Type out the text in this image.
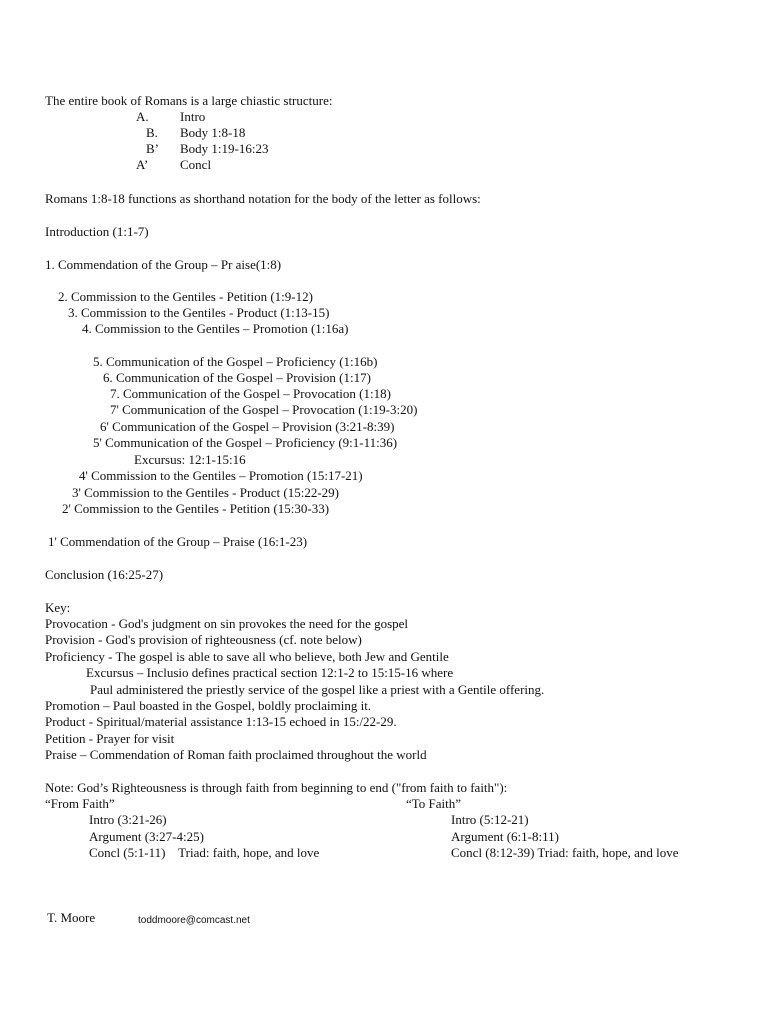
The entire book of Romans is a large chiastic structure:
A. Intro
B. Body 1:8-18
B’ Body 1:19-16:23
A’ Concl
Romans 1:8-18 functions as shorthand notation for the body of the letter as follows:
Introduction (1:1-7)
1. Commendation of the Group – Pr aise(1:8)
2. Commission to the Gentiles - Petition (1:9-12)
3. Commission to the Gentiles - Product (1:13-15)
4. Commission to the Gentiles – Promotion (1:16a)
5. Communication of the Gospel – Proficiency (1:16b)
6. Communication of the Gospel – Provision (1:17)
7. Communication of the Gospel – Provocation (1:18)
7' Communication of the Gospel – Provocation (1:19-3:20)
6' Communication of the Gospel – Provision (3:21-8:39)
5' Communication of the Gospel – Proficiency (9:1-11:36)
Excursus: 12:1-15:16
4' Commission to the Gentiles – Promotion (15:17-21)
3' Commission to the Gentiles - Product (15:22-29)
2' Commission to the Gentiles - Petition (15:30-33)
1' Commendation of the Group – Praise (16:1-23)
Conclusion (16:25-27)
Key:
Provocation - God's judgment on sin provokes the need for the gospel
Provision - God's provision of righteousness (cf. note below)
Proficiency - The gospel is able to save all who believe, both Jew and Gentile
Excursus – Inclusio defines practical section 12:1-2 to 15:15-16 where
Paul administered the priestly service of the gospel like a priest with a Gentile offering.
Promotion – Paul boasted in the Gospel, boldly proclaiming it.
Product - Spiritual/material assistance 1:13-15 echoed in 15:/22-29.
Petition - Prayer for visit
Praise – Commendation of Roman faith proclaimed throughout the world
Note: God’s Righteousness is through faith from beginning to end ("from faith to faith"):
“From Faith”
Intro (3:21-26)
Argument (3:27-4:25)
Concl (5:1-11)    Triad: faith, hope, and love
“To Faith”
Intro (5:12-21)
Argument (6:1-8:11)
Concl (8:12-39) Triad: faith, hope, and love
T. Moore	toddmoore@comcast.net
